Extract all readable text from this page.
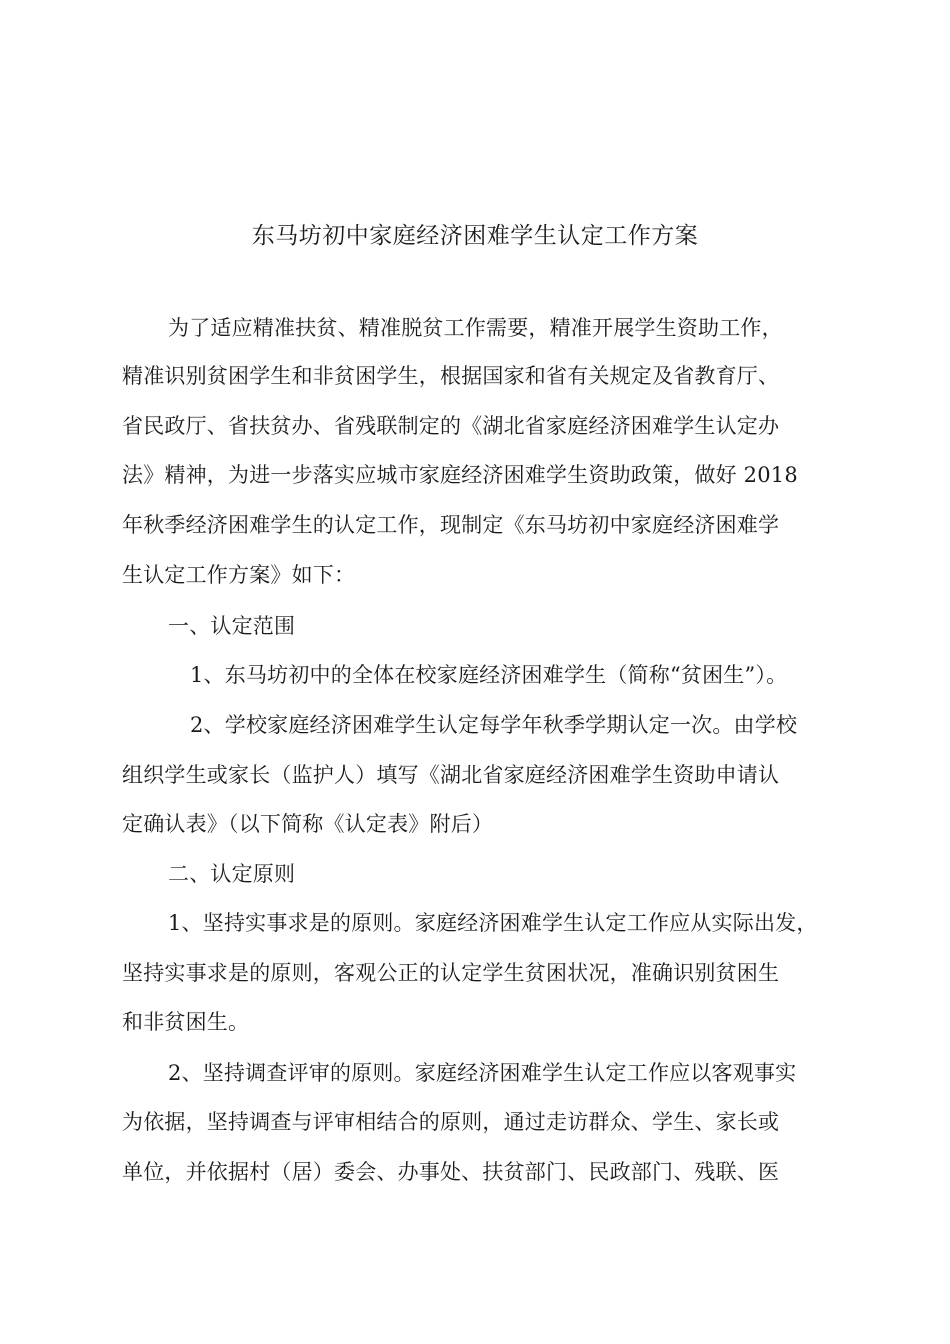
东马坊初中家庭经济困难学生认定工作方案
为了适应精准扶贫、精准脱贫工作需要，精准开展学生资助工作，
精准识别贫困学生和非贫困学生，根据国家和省有关规定及省教育厅、
省民政厅、省扶贫办、省残联制定的《湖北省家庭经济困难学生认定办
法》精神，为进一步落实应城市家庭经济困难学生资助政策，做好 2018
年秋季经济困难学生的认定工作，现制定《东马坊初中家庭经济困难学
生认定工作方案》如下：
一、认定范围
1、东马坊初中的全体在校家庭经济困难学生（简称“贫困生”）。
2、学校家庭经济困难学生认定每学年秋季学期认定一次。由学校
组织学生或家长（监护人）填写《湖北省家庭经济困难学生资助申请认
定确认表》（以下简称《认定表》附后）
二、认定原则
1、坚持实事求是的原则。家庭经济困难学生认定工作应从实际出发，
坚持实事求是的原则，客观公正的认定学生贫困状况，准确识别贫困生
和非贫困生。
2、坚持调查评审的原则。家庭经济困难学生认定工作应以客观事实
为依据，坚持调查与评审相结合的原则，通过走访群众、学生、家长或
单位，并依据村（居）委会、办事处、扶贫部门、民政部门、残联、医
